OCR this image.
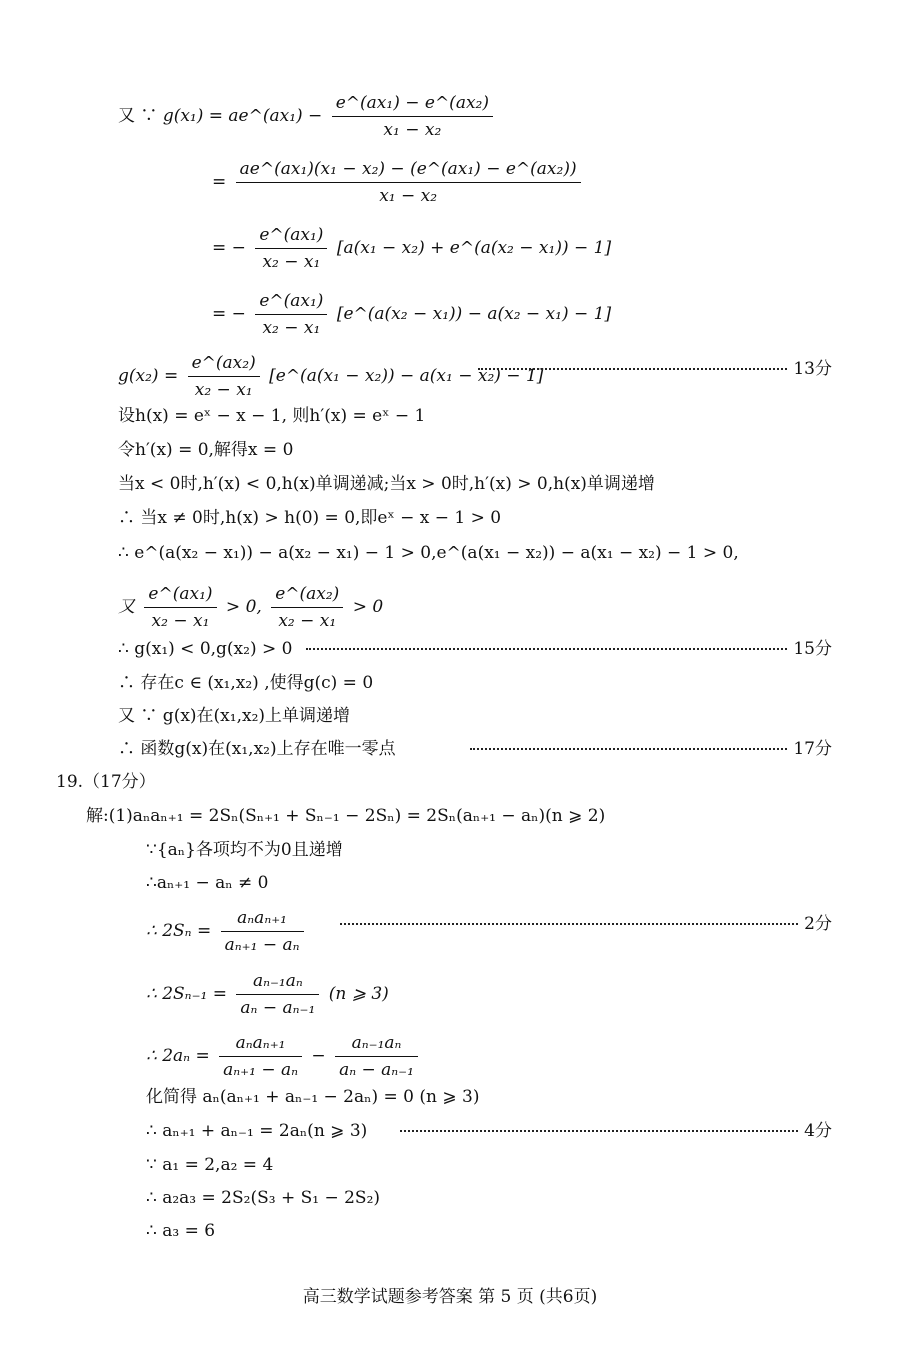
又 ∵ g(x₁) = ae^(ax₁) − $\frac{\text{e\textasciicircum{}(ax₁) − e\textasciicircum{}(ax₂)}}{\text{x₁ − x₂}}$
= $\frac{\text{ae\textasciicircum{}(ax₁)(x₁ − x₂) − (e\textasciicircum{}(ax₁) − e\textasciicircum{}(ax₂))}}{\text{x₁ − x₂}}$
= − $\frac{\text{e\textasciicircum{}(ax₁)}}{\text{x₂ − x₁}} [a(x_1 - x_2)$ + e^(a(x₂ − x₁)) − 1]
= − $\frac{\text{e\textasciicircum{}(ax₁)}}{\text{x₂ − x₁}}$ [e^(a(x₂ − x₁)) − a(x₂ − x₁) − 1]
$g(x_2) = \frac{\text{e\textasciicircum{}(ax₂)}}{\text{x₂ − x₁}}$ [e^(a(x₁ − x₂)) − a(x₁ − x₂) − 1]	13分
设h(x) = eˣ − x − 1, 则h′(x) = eˣ − 1
令h′(x) = 0,解得x = 0
当x < 0时,h′(x) < 0,h(x)单调递减;当x > 0时,h′(x) > 0,h(x)单调递增
∴ 当x ≠ 0时,h(x) > h(0) = 0,即eˣ − x − 1 > 0
∴ e^(a(x₂ − x₁)) − a(x₂ − x₁) − 1 > 0,e^(a(x₁ − x₂)) − a(x₁ − x₂) − 1 > 0,
又 $\frac{\text{e\textasciicircum{}(ax₁)}}{\text{x₂ − x₁}} > 0$, $\frac{\text{e\textasciicircum{}(ax₂)}}{\text{x₂ − x₁}} > 0$
∴ g(x₁) < 0,g(x₂) > 0	15分
∴ 存在c ∈ (x₁,x₂) ,使得g(c) = 0
又 ∵ g(x)在(x₁,x₂)上单调递增
∴ 函数g(x)在(x₁,x₂)上存在唯一零点	17分
19.（17分）
解:(1)aₙaₙ₊₁ = 2Sₙ(Sₙ₊₁ + Sₙ₋₁ − 2Sₙ) = 2Sₙ(aₙ₊₁ − aₙ)(n ⩾ 2)
∵{aₙ}各项均不为0且递增
∴aₙ₊₁ − aₙ ≠ 0
∴ $2S_n = \frac{\text{aₙaₙ₊₁}}{\text{aₙ₊₁ − aₙ}}$	2分
∴ $2S_{n-1} = \frac{\text{aₙ₋₁aₙ}}{\text{aₙ − aₙ₋₁}} (n$ ⩾ 3)
∴ $2a_n = \frac{\text{aₙaₙ₊₁}}{\text{aₙ₊₁ − aₙ}} - \frac{\text{aₙ₋₁aₙ}}{\text{aₙ − aₙ₋₁}}$
化简得 aₙ(aₙ₊₁ + aₙ₋₁ − 2aₙ) = 0 (n ⩾ 3)
∴ aₙ₊₁ + aₙ₋₁ = 2aₙ(n ⩾ 3)	4分
∵ a₁ = 2,a₂ = 4
∴ a₂a₃ = 2S₂(S₃ + S₁ − 2S₂)
∴ a₃ = 6
高三数学试题参考答案 第 5 页 (共6页)
